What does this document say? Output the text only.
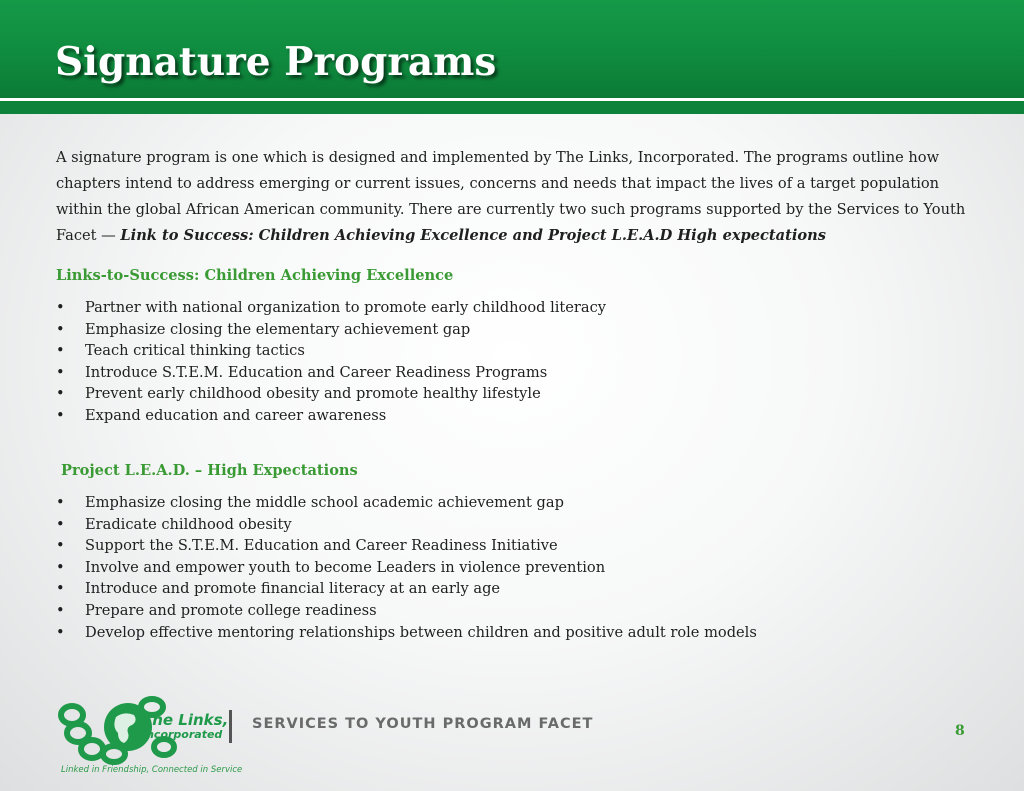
Signature Programs
A signature program is one which is designed and implemented by The Links, Incorporated. The programs outline how chapters intend to address emerging or current issues, concerns and needs that impact the lives of a target population within the global African American community. There are currently two such programs supported by the Services to Youth Facet — Link to Success: Children Achieving Excellence and Project L.E.A.D High expectations
Links-to-Success: Children Achieving Excellence
• Partner with national organization to promote early childhood literacy
• Emphasize closing the elementary achievement gap
• Teach critical thinking tactics
• Introduce S.T.E.M. Education and Career Readiness Programs
• Prevent early childhood obesity and promote healthy lifestyle
• Expand education and career awareness
Project L.E.A.D. – High Expectations
• Emphasize closing the middle school academic achievement gap
• Eradicate childhood obesity
• Support the S.T.E.M. Education and Career Readiness Initiative
• Involve and empower youth to become Leaders in violence prevention
• Introduce and promote financial literacy at an early age
• Prepare and promote college readiness
• Develop effective mentoring relationships between children and positive adult role models
The Links,
Incorporated
Linked in Friendship, Connected in Service
SERVICES TO YOUTH PROGRAM FACET	8
